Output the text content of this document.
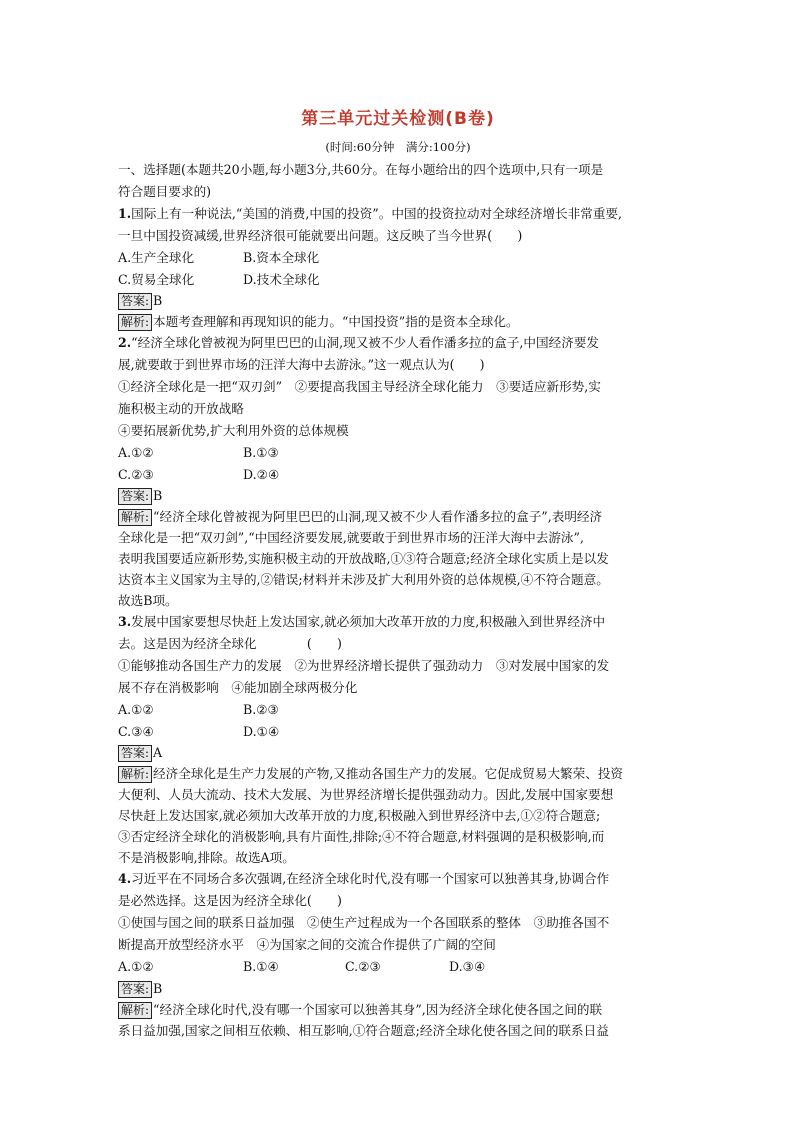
第三单元过关检测(B卷)
(时间:60分钟　满分:100分)

一、选择题(本题共20小题,每小题3分,共60分。在每小题给出的四个选项中,只有一项是

符合题目要求的)

1.国际上有一种说法,“美国的消费,中国的投资”。中国的投资拉动对全球经济增长非常重要,

一旦中国投资减缓,世界经济很可能就要出问题。这反映了当今世界(　　)

A.生产全球化	B.资本全球化
C.贸易全球化	D.技术全球化

答案: B

解析: 本题考查理解和再现知识的能力。“中国投资”指的是资本全球化。

2.“经济全球化曾被视为阿里巴巴的山洞,现又被不少人看作潘多拉的盒子,中国经济要发

展,就要敢于到世界市场的汪洋大海中去游泳。”这一观点认为(　　)

①经济全球化是一把“双刃剑”　②要提高我国主导经济全球化能力　③要适应新形势,实

施积极主动的开放战略

④要拓展新优势,扩大利用外资的总体规模

A.①②	B.①③
C.②③	D.②④

答案: B

解析: “经济全球化曾被视为阿里巴巴的山洞,现又被不少人看作潘多拉的盒子”,表明经济

全球化是一把“双刃剑”,“中国经济要发展,就要敢于到世界市场的汪洋大海中去游泳”,

表明我国要适应新形势,实施积极主动的开放战略,①③符合题意;经济全球化实质上是以发

达资本主义国家为主导的,②错误;材料并未涉及扩大利用外资的总体规模,④不符合题意。

故选B项。

3.发展中国家要想尽快赶上发达国家,就必须加大改革开放的力度,积极融入到世界经济中

去。这是因为经济全球化　　　　(　　)

①能够推动各国生产力的发展　②为世界经济增长提供了强劲动力　③对发展中国家的发

展不存在消极影响　④能加剧全球两极分化

A.①②	B.②③
C.③④	D.①④

答案: A

解析: 经济全球化是生产力发展的产物,又推动各国生产力的发展。它促成贸易大繁荣、投资

大便利、人员大流动、技术大发展、为世界经济增长提供强劲动力。因此,发展中国家要想

尽快赶上发达国家,就必须加大改革开放的力度,积极融入到世界经济中去,①②符合题意;

③否定经济全球化的消极影响,具有片面性,排除;④不符合题意,材料强调的是积极影响,而

不是消极影响,排除。故选A项。

4.习近平在不同场合多次强调,在经济全球化时代,没有哪一个国家可以独善其身,协调合作

是必然选择。这是因为经济全球化(　　)

①使国与国之间的联系日益加强　②使生产过程成为一个各国联系的整体　③助推各国不

断提高开放型经济水平　④为国家之间的交流合作提供了广阔的空间

A.①②	B.①④	C.②③	D.③④

答案: B

解析: “经济全球化时代,没有哪一个国家可以独善其身”,因为经济全球化使各国之间的联

系日益加强,国家之间相互依赖、相互影响,①符合题意;经济全球化使各国之间的联系日益
